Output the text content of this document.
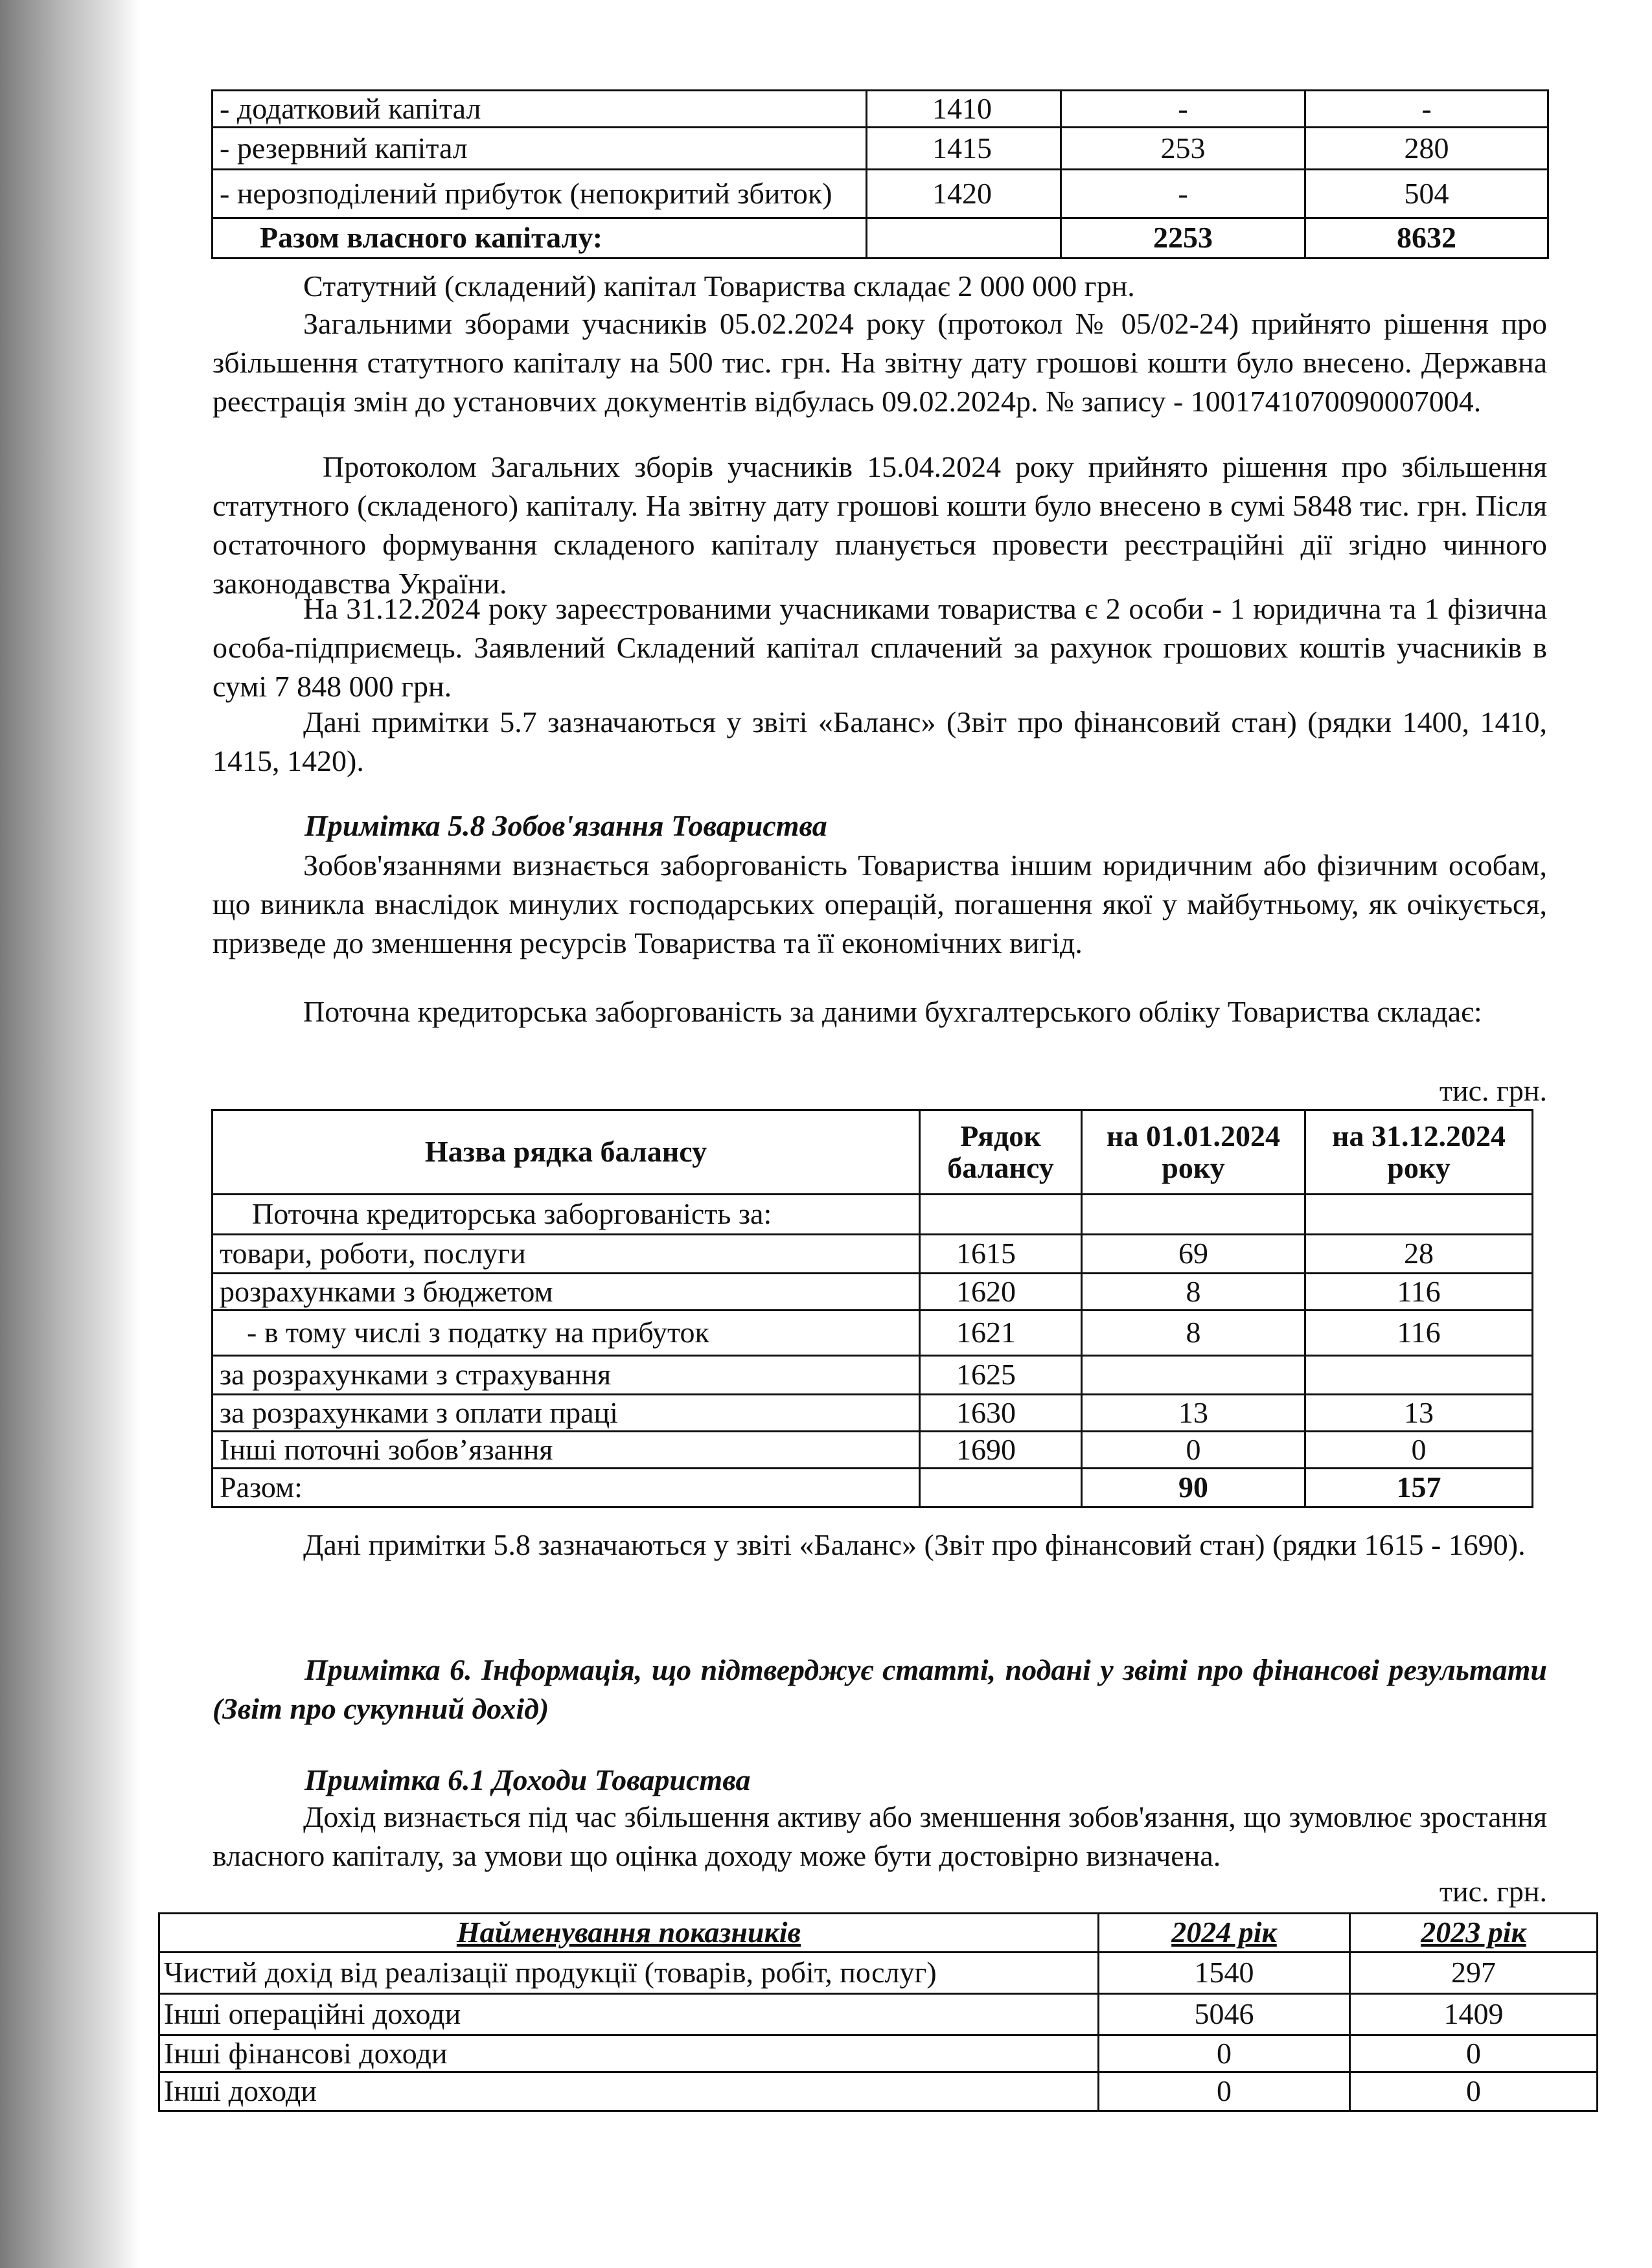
- додатковий капітал	1410	-	-
- резервний капітал	1415	253	280
- нерозподілений прибуток (непокритий збиток)	1420	-	504
Разом власного капіталу:		2253	8632

Статутний (складений) капітал Товариства складає 2 000 000 грн.

Загальними зборами учасників 05.02.2024 року (протокол № 05/02-24) прийнято рішення про збільшення статутного капіталу на 500 тис. грн. На звітну дату грошові кошти було внесено. Державна реєстрація змін до установчих документів відбулась 09.02.2024р. № запису - 1001741070090007004.

Протоколом Загальних зборів учасників 15.04.2024 року прийнято рішення про збільшення статутного (складеного) капіталу. На звітну дату грошові кошти було внесено в сумі 5848 тис. грн. Після остаточного формування складеного капіталу планується провести реєстраційні дії згідно чинного законодавства України.

На 31.12.2024 року зареєстрованими учасниками товариства є 2 особи - 1 юридична та 1 фізична особа-підприємець. Заявлений Складений капітал сплачений за рахунок грошових коштів учасників в сумі 7 848 000 грн.

Дані примітки 5.7 зазначаються у звіті «Баланс» (Звіт про фінансовий стан) (рядки 1400, 1410, 1415, 1420).

Примітка 5.8 Зобов'язання Товариства

Зобов'язаннями визнається заборгованість Товариства іншим юридичним або фізичним особам, що виникла внаслідок минулих господарських операцій, погашення якої у майбутньому, як очікується, призведе до зменшення ресурсів Товариства та її економічних вигід.

Поточна кредиторська заборгованість за даними бухгалтерського обліку Товариства складає:

тис. грн.

Назва рядка балансу	Рядок балансу	на 01.01.2024 року	на 31.12.2024 року
Поточна кредиторська заборгованість за:			
товари, роботи, послуги	1615	69	28
розрахунками з бюджетом	1620	8	116
- в тому числі з податку на прибуток	1621	8	116
за розрахунками з страхування	1625		
за розрахунками з оплати праці	1630	13	13
Інші поточні зобов’язання	1690	0	0
Разом:		90	157

Дані примітки 5.8 зазначаються у звіті «Баланс» (Звіт про фінансовий стан) (рядки 1615 - 1690).

Примітка 6. Інформація, що підтверджує статті, подані у звіті про фінансові результати (Звіт про сукупний дохід)

Примітка 6.1 Доходи Товариства

Дохід визнається під час збільшення активу або зменшення зобов'язання, що зумовлює зростання власного капіталу, за умови що оцінка доходу може бути достовірно визначена.

тис. грн.

Найменування показників	2024 рік	2023 рік
Чистий дохід від реалізації продукції (товарів, робіт, послуг)	1540	297
Інші операційні доходи	5046	1409
Інші фінансові доходи	0	0
Інші доходи	0	0
